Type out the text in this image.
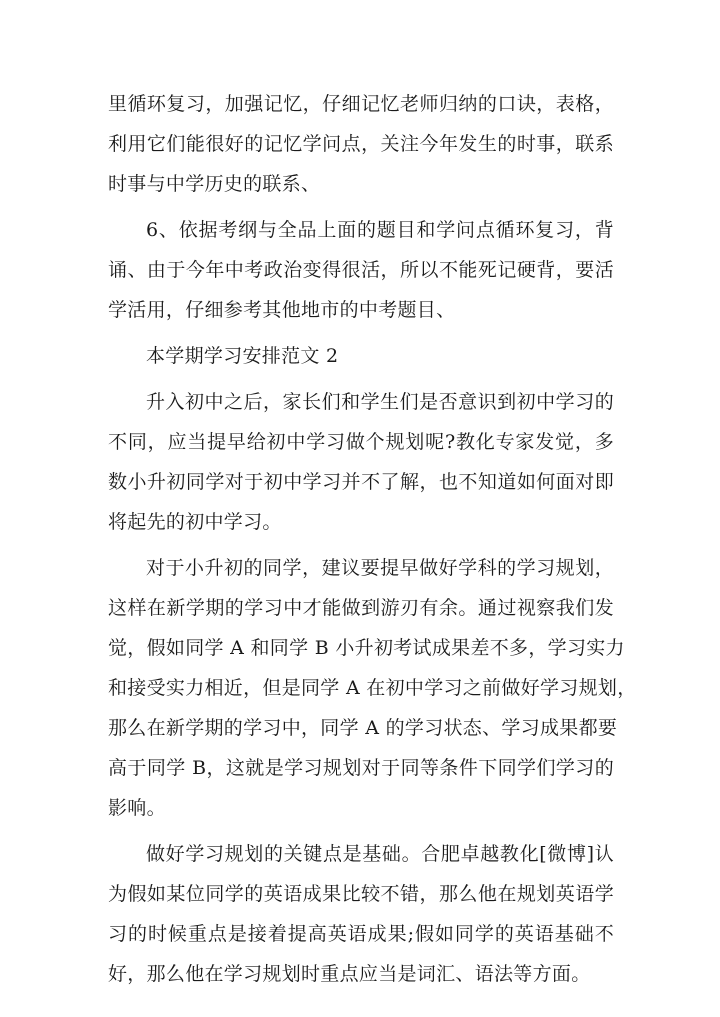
里循环复习，加强记忆，仔细记忆老师归纳的口诀，表格，
利用它们能很好的记忆学问点，关注今年发生的时事，联系
时事与中学历史的联系、
6、依据考纲与全品上面的题目和学问点循环复习，背
诵、由于今年中考政治变得很活，所以不能死记硬背，要活
学活用，仔细参考其他地市的中考题目、
本学期学习安排范文 2
升入初中之后，家长们和学生们是否意识到初中学习的
不同，应当提早给初中学习做个规划呢?教化专家发觉，多
数小升初同学对于初中学习并不了解，也不知道如何面对即
将起先的初中学习。
对于小升初的同学，建议要提早做好学科的学习规划，
这样在新学期的学习中才能做到游刃有余。通过视察我们发
觉，假如同学 A 和同学 B 小升初考试成果差不多，学习实力
和接受实力相近，但是同学 A 在初中学习之前做好学习规划，
那么在新学期的学习中，同学 A 的学习状态、学习成果都要
高于同学 B，这就是学习规划对于同等条件下同学们学习的
影响。
做好学习规划的关键点是基础。合肥卓越教化[微博]认
为假如某位同学的英语成果比较不错，那么他在规划英语学
习的时候重点是接着提高英语成果;假如同学的英语基础不
好，那么他在学习规划时重点应当是词汇、语法等方面。
